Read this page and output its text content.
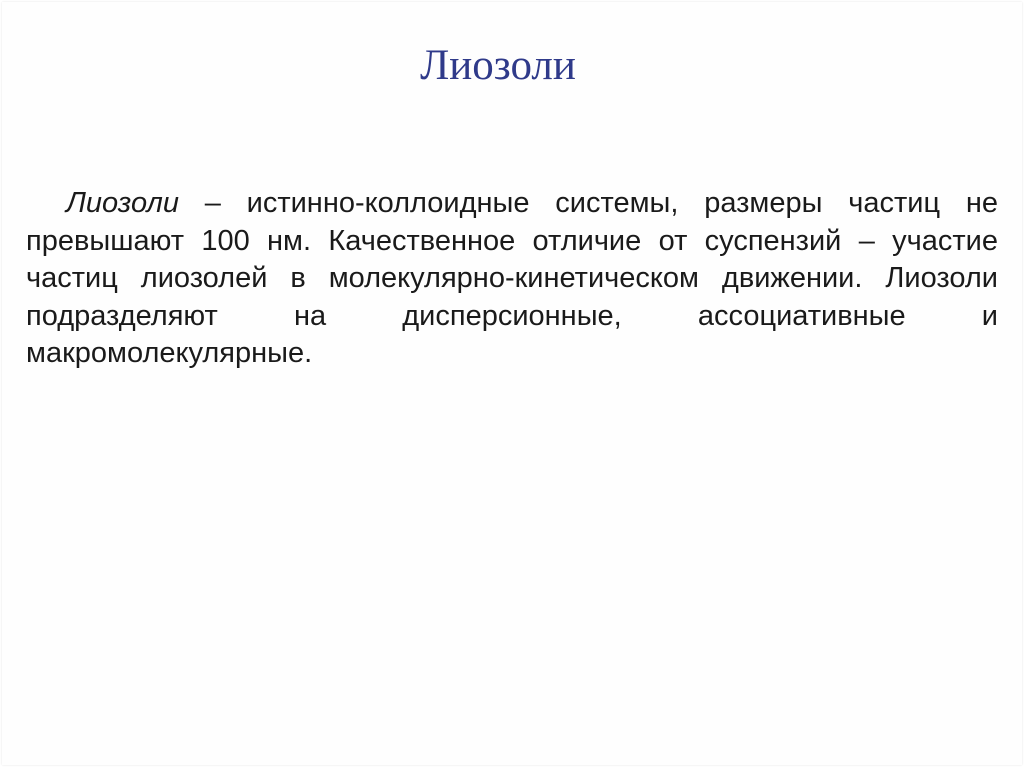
Лиозоли

Лиозоли – истинно-коллоидные системы, размеры частиц не превышают 100 нм. Качественное отличие от суспензий – участие частиц лиозолей в молекулярно-кинетическом движении. Лиозоли подразделяют на дисперсионные, ассоциативные и макромолекулярные.
